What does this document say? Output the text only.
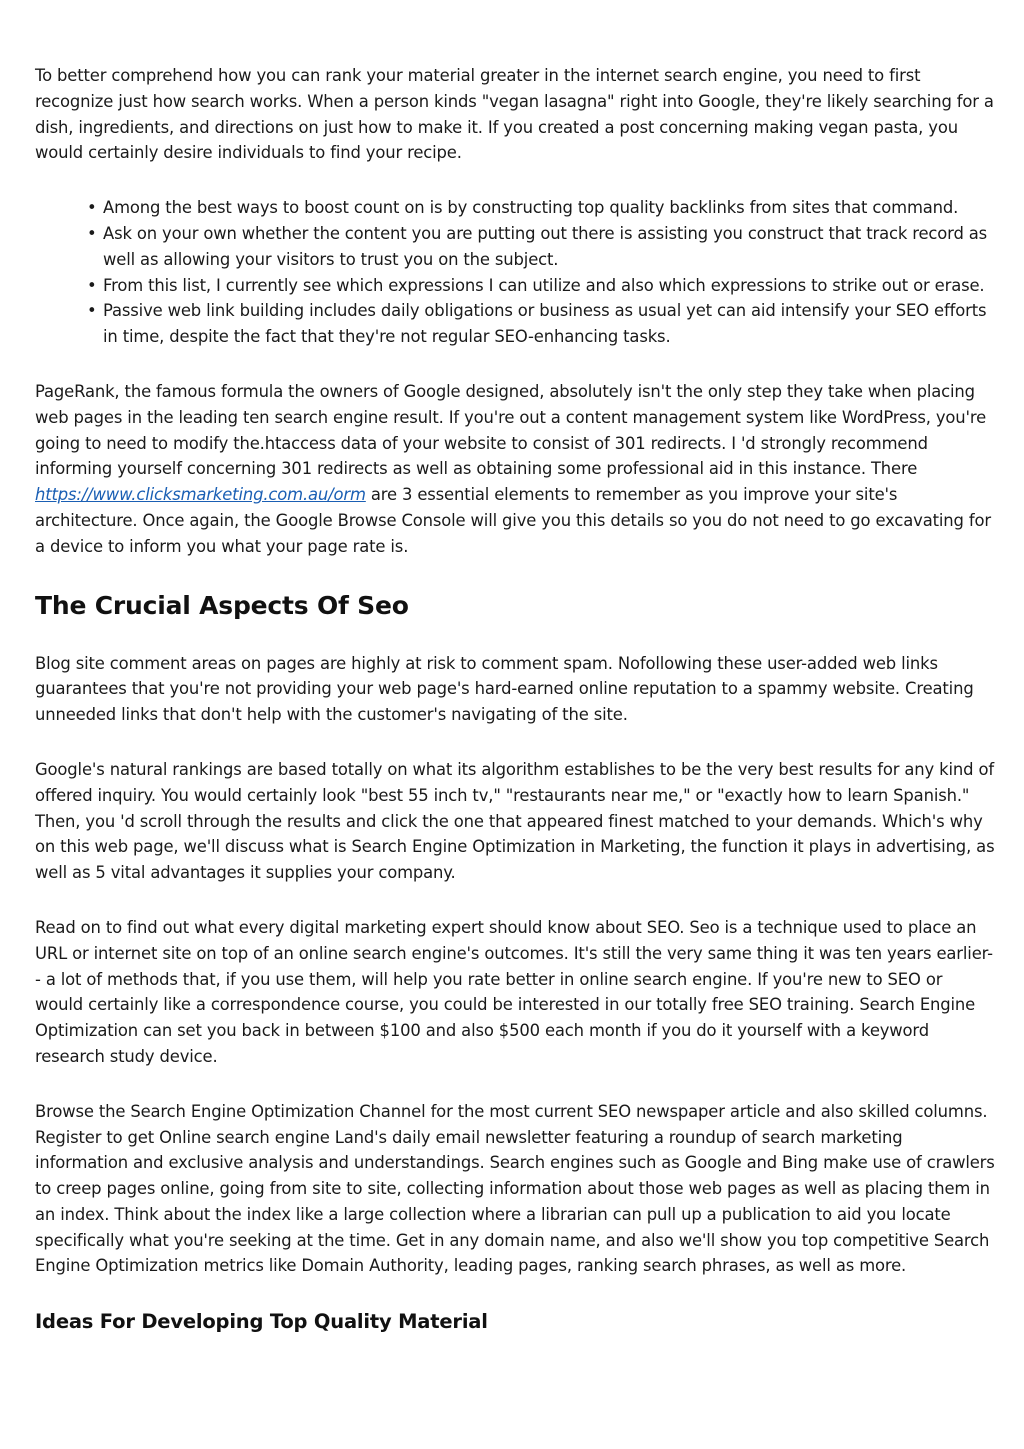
To better comprehend how you can rank your material greater in the internet search engine, you need to first recognize just how search works. When a person kinds "vegan lasagna" right into Google, they're likely searching for a dish, ingredients, and directions on just how to make it. If you created a post concerning making vegan pasta, you would certainly desire individuals to find your recipe.

• Among the best ways to boost count on is by constructing top quality backlinks from sites that command.
• Ask on your own whether the content you are putting out there is assisting you construct that track record as well as allowing your visitors to trust you on the subject.
• From this list, I currently see which expressions I can utilize and also which expressions to strike out or erase.
• Passive web link building includes daily obligations or business as usual yet can aid intensify your SEO efforts in time, despite the fact that they're not regular SEO-enhancing tasks.

PageRank, the famous formula the owners of Google designed, absolutely isn't the only step they take when placing web pages in the leading ten search engine result. If you're out a content management system like WordPress, you're going to need to modify the.htaccess data of your website to consist of 301 redirects. I 'd strongly recommend informing yourself concerning 301 redirects as well as obtaining some professional aid in this instance. There https://www.clicksmarketing.com.au/orm are 3 essential elements to remember as you improve your site's architecture. Once again, the Google Browse Console will give you this details so you do not need to go excavating for a device to inform you what your page rate is.

The Crucial Aspects Of Seo

Blog site comment areas on pages are highly at risk to comment spam. Nofollowing these user-added web links guarantees that you're not providing your web page's hard-earned online reputation to a spammy website. Creating unneeded links that don't help with the customer's navigating of the site.

Google's natural rankings are based totally on what its algorithm establishes to be the very best results for any kind of offered inquiry. You would certainly look "best 55 inch tv," "restaurants near me," or "exactly how to learn Spanish." Then, you 'd scroll through the results and click the one that appeared finest matched to your demands. Which's why on this web page, we'll discuss what is Search Engine Optimization in Marketing, the function it plays in advertising, as well as 5 vital advantages it supplies your company.

Read on to find out what every digital marketing expert should know about SEO. Seo is a technique used to place an URL or internet site on top of an online search engine's outcomes. It's still the very same thing it was ten years earlier-- a lot of methods that, if you use them, will help you rate better in online search engine. If you're new to SEO or would certainly like a correspondence course, you could be interested in our totally free SEO training. Search Engine Optimization can set you back in between $100 and also $500 each month if you do it yourself with a keyword research study device.

Browse the Search Engine Optimization Channel for the most current SEO newspaper article and also skilled columns. Register to get Online search engine Land's daily email newsletter featuring a roundup of search marketing information and exclusive analysis and understandings. Search engines such as Google and Bing make use of crawlers to creep pages online, going from site to site, collecting information about those web pages as well as placing them in an index. Think about the index like a large collection where a librarian can pull up a publication to aid you locate specifically what you're seeking at the time. Get in any domain name, and also we'll show you top competitive Search Engine Optimization metrics like Domain Authority, leading pages, ranking search phrases, as well as more.

Ideas For Developing Top Quality Material
